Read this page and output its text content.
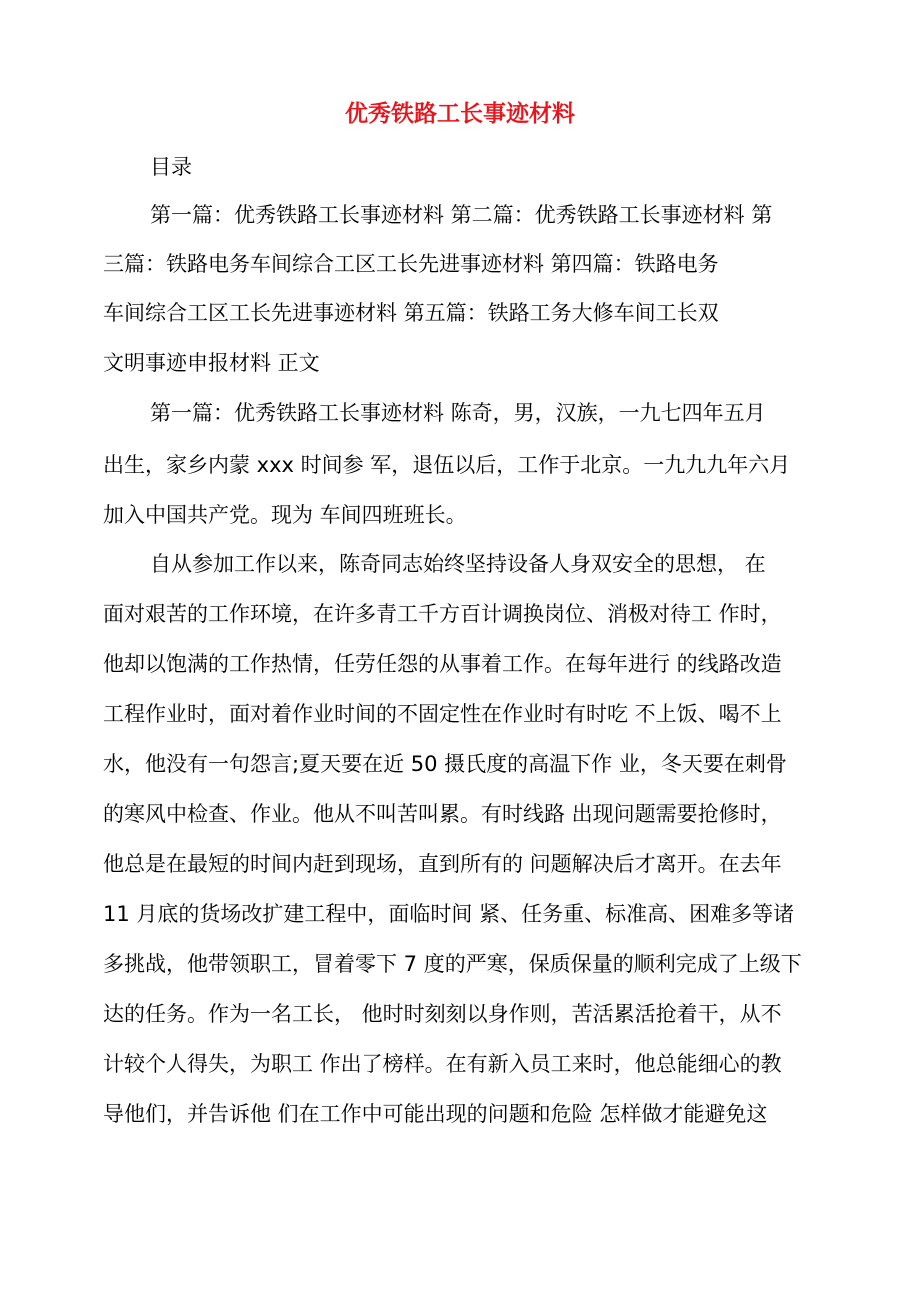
优秀铁路工长事迹材料

目录

第一篇：优秀铁路工长事迹材料 第二篇：优秀铁路工长事迹材料 第

三篇：铁路电务车间综合工区工长先进事迹材料 第四篇：铁路电务

车间综合工区工长先进事迹材料 第五篇：铁路工务大修车间工长双

文明事迹申报材料 正文

第一篇：优秀铁路工长事迹材料 陈奇，男，汉族，一九七四年五月

出生，家乡内蒙 xxx 时间参 军，退伍以后，工作于北京。一九九九年六月

加入中国共产党。现为 车间四班班长。

自从参加工作以来，陈奇同志始终坚持设备人身双安全的思想， 在

面对艰苦的工作环境，在许多青工千方百计调换岗位、消极对待工 作时，

他却以饱满的工作热情，任劳任怨的从事着工作。在每年进行 的线路改造

工程作业时，面对着作业时间的不固定性在作业时有时吃 不上饭、喝不上

水，他没有一句怨言;夏天要在近 50 摄氏度的高温下作 业，冬天要在刺骨

的寒风中检查、作业。他从不叫苦叫累。有时线路 出现问题需要抢修时，

他总是在最短的时间内赶到现场，直到所有的 问题解决后才离开。在去年

11 月底的货场改扩建工程中，面临时间 紧、任务重、标准高、困难多等诸

多挑战，他带领职工，冒着零下 7 度的严寒，保质保量的顺利完成了上级下

达的任务。作为一名工长， 他时时刻刻以身作则，苦活累活抢着干，从不

计较个人得失，为职工 作出了榜样。在有新入员工来时，他总能细心的教

导他们，并告诉他 们在工作中可能出现的问题和危险 怎样做才能避免这
